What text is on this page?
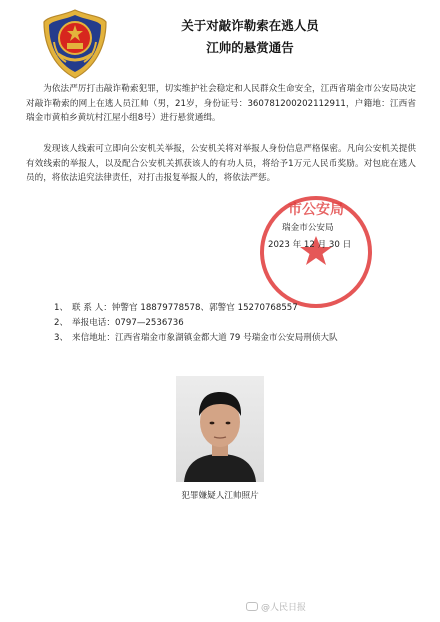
关于对敲诈勒索在逃人员
江帅的悬赏通告

为依法严厉打击敲诈勒索犯罪，切实维护社会稳定和人民群众生命安全，江西省瑞金市公安局决定对敲诈勒索的网上在逃人员江帅（男，21岁，身份证号：360781200202112911，户籍地：江西省瑞金市黄柏乡黄坑村江屋小组8号）进行悬赏通缉。

发现该人线索可立即向公安机关举报，公安机关将对举报人身份信息严格保密。凡向公安机关提供有效线索的举报人，以及配合公安机关抓获该人的有功人员，将给予1万元人民币奖励。对包庇在逃人员的，将依法追究法律责任，对打击报复举报人的，将依法严惩。

市公安局
瑞金市公安局
2023 年 12 月 30 日
1、 联 系 人：钟警官 18879778578、郭警官 15270768557
2、 举报电话：0797—2536736
3、 来信地址：江西省瑞金市象湖镇金都大道 79 号瑞金市公安局刑侦大队
犯罪嫌疑人江帅照片
@人民日报
